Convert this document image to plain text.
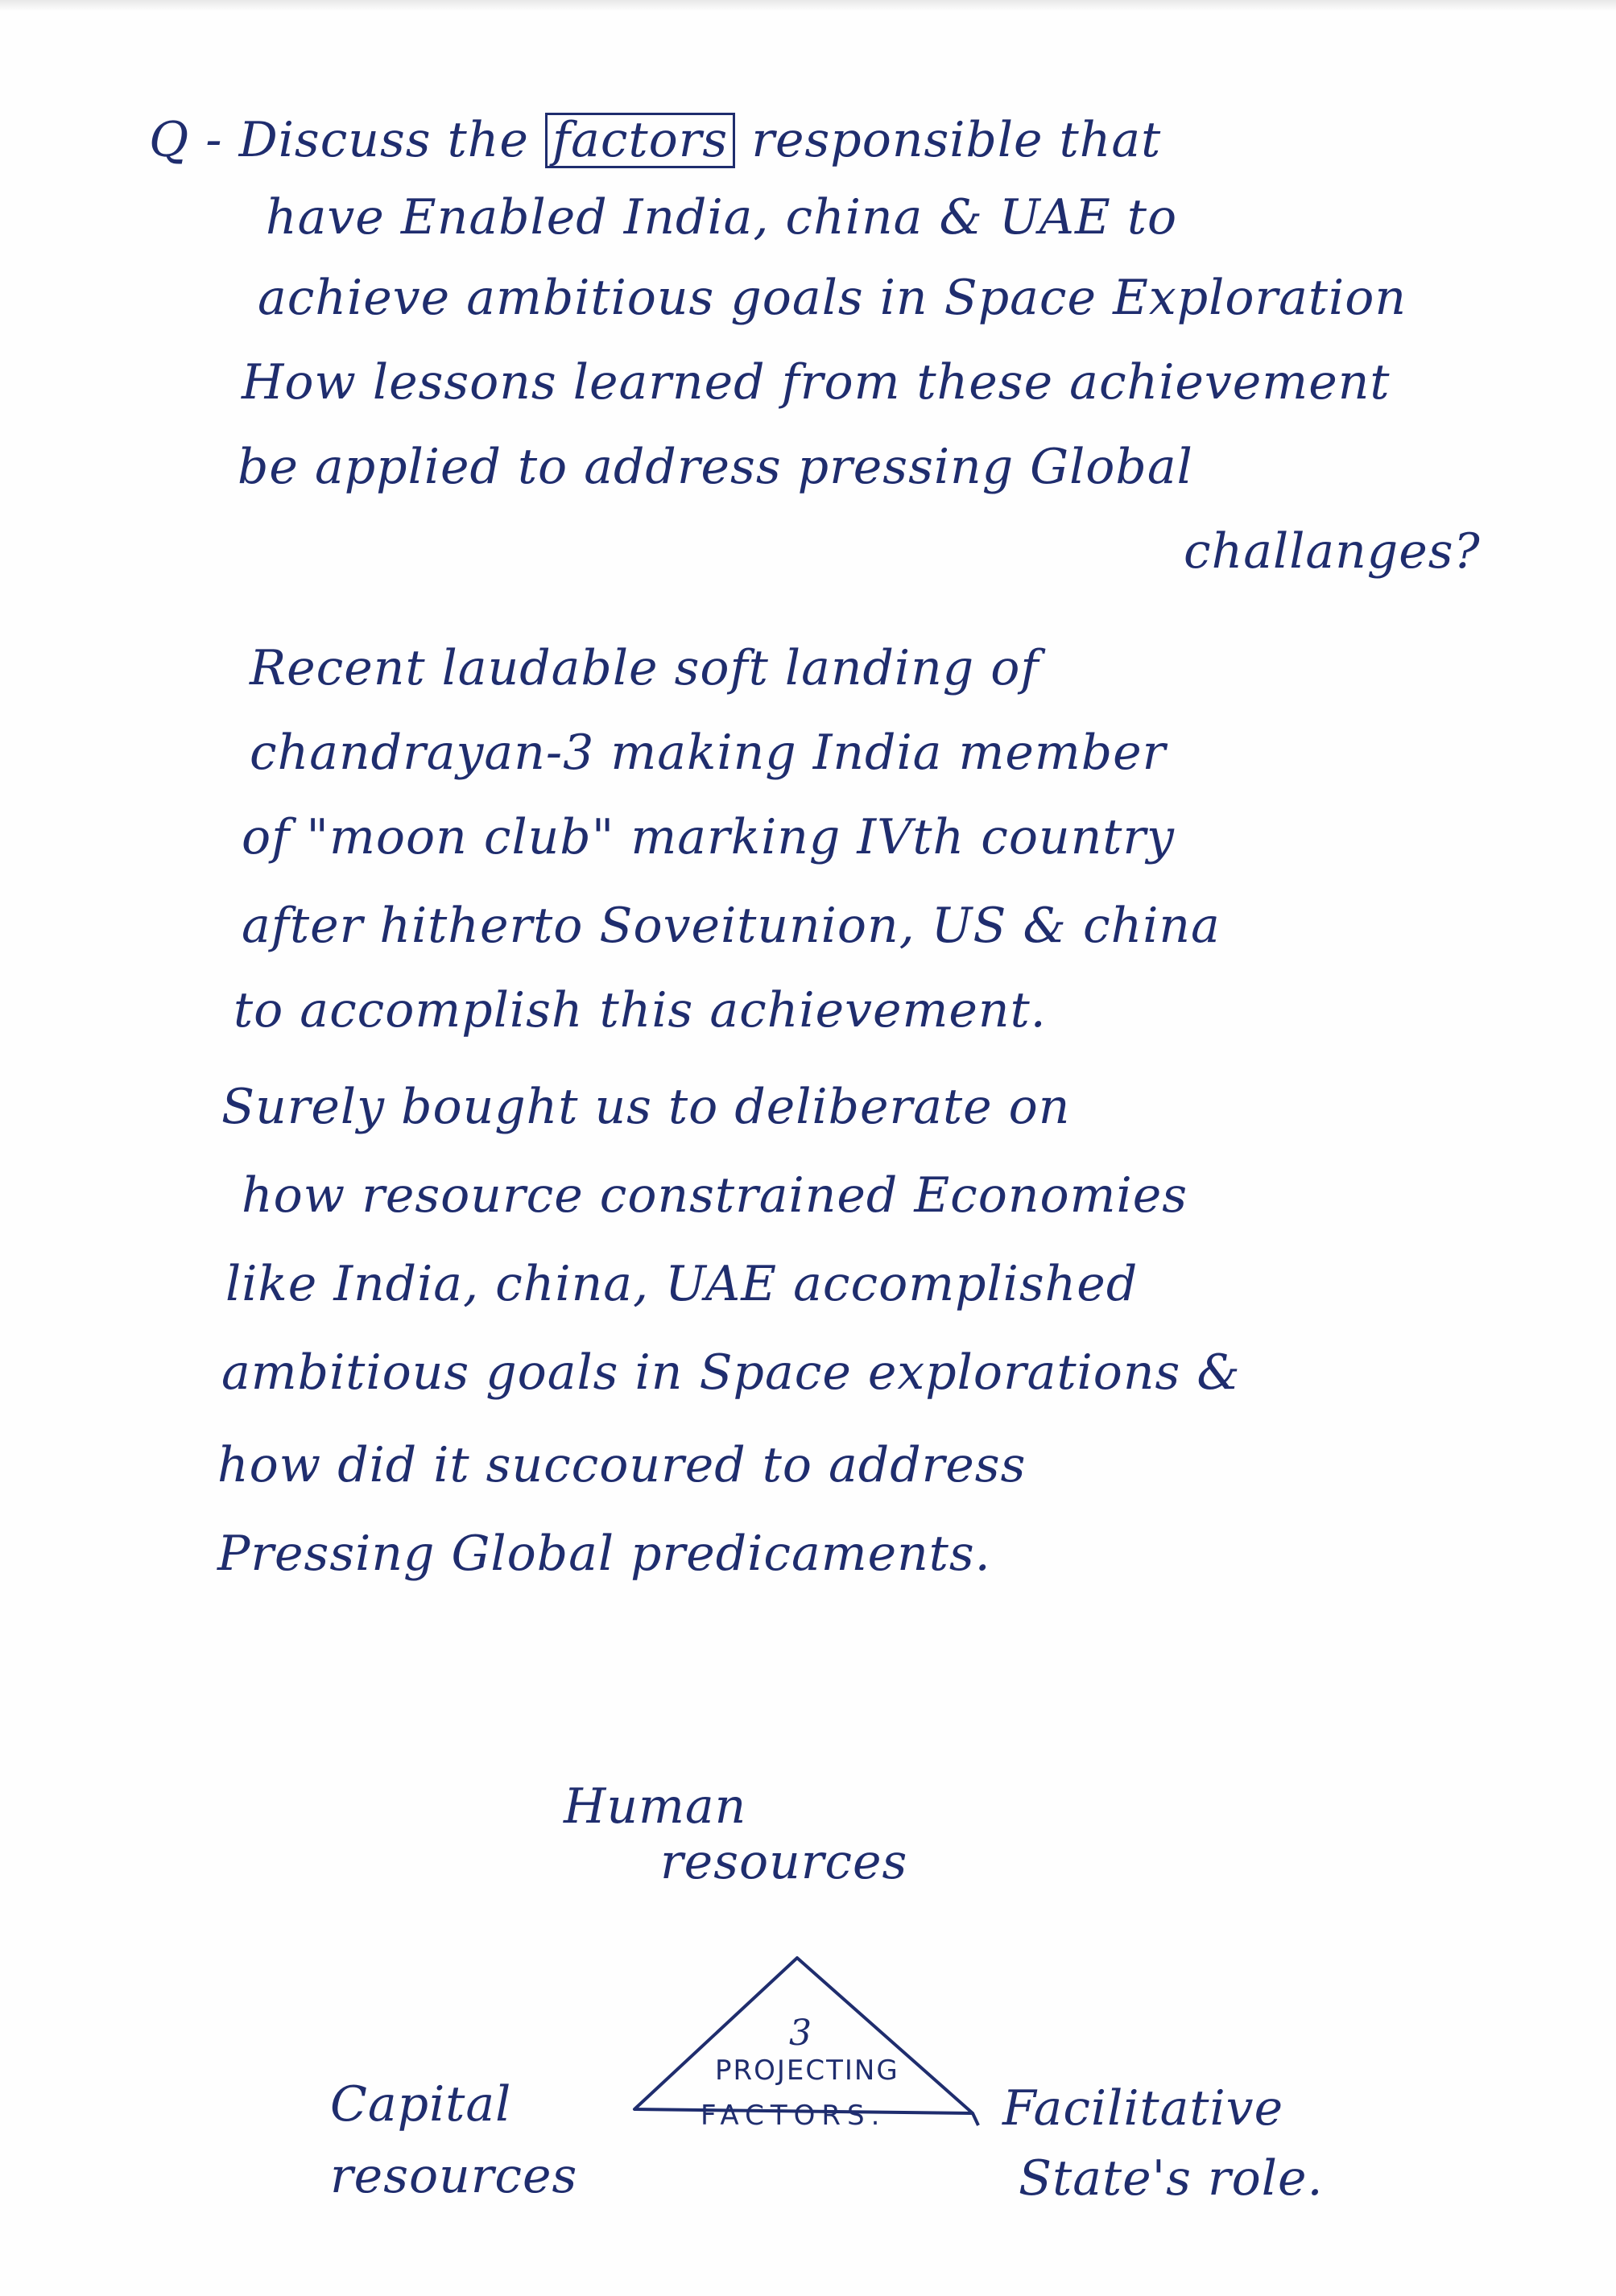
Q - Discuss the factors responsible that
have Enabled India, china & UAE to
achieve ambitious goals in Space Exploration
How lessons learned from these achievement
be applied to address pressing Global
challanges?
Recent laudable soft landing of
chandrayan-3 making India member
of "moon club" marking IVth country
after hitherto Soveitunion, US & china
to accomplish this achievement.
Surely bought us to deliberate on
how resource constrained Economies
like India, china, UAE accomplished
ambitious goals in Space explorations &
how did it succoured to address
Pressing Global predicaments.
Human
resources
3
PROJECTING
FACTORS.
Capital
resources
Facilitative
State's role.
